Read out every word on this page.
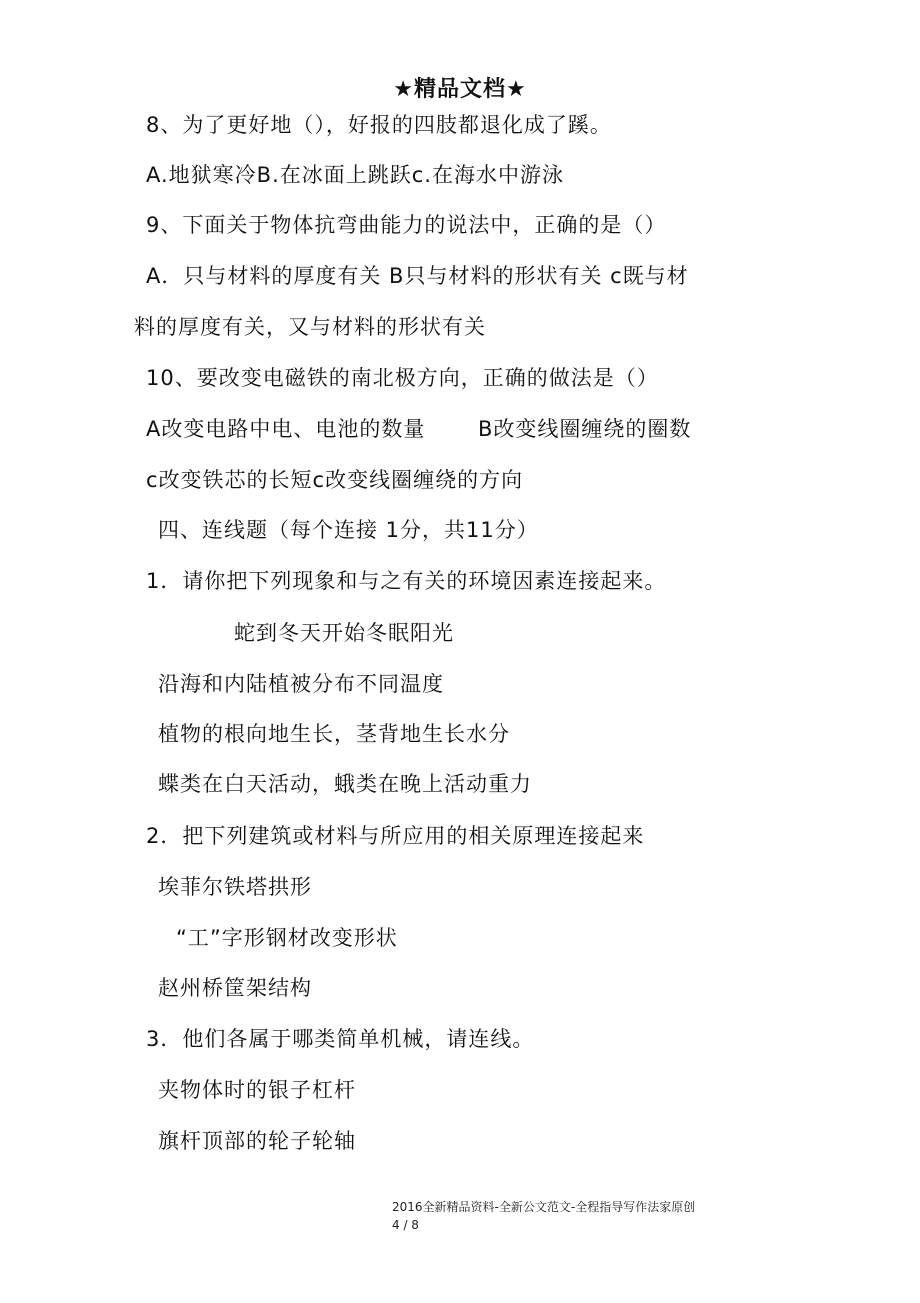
★精品文档★
8、为了更好地（），好报的四肢都退化成了蹊。
A.地狱寒冷B.在冰面上跳跃c.在海水中游泳
9、下面关于物体抗弯曲能力的说法中，正确的是（）
A．只与材料的厚度有关 B只与材料的形状有关 c既与材
料的厚度有关，又与材料的形状有关
10、要改变电磁铁的南北极方向，正确的做法是（）
A改变电路中电、电池的数量	B改变线圈缠绕的圈数
c改变铁芯的长短c改变线圈缠绕的方向
四、连线题（每个连接 1分，共11分）
1．请你把下列现象和与之有关的环境因素连接起来。
蛇到冬天开始冬眠阳光
沿海和内陆植被分布不同温度
植物的根向地生长，茎背地生长水分
蝶类在白天活动，蛾类在晚上活动重力
2．把下列建筑或材料与所应用的相关原理连接起来
埃菲尔铁塔拱形
“工”字形钢材改变形状
赵州桥筐架结构
3．他们各属于哪类简单机械，请连线。
夹物体时的银子杠杆
旗杆顶部的轮子轮轴
2016全新精品资料-全新公文范文-全程指导写作法家原创
4 / 8
